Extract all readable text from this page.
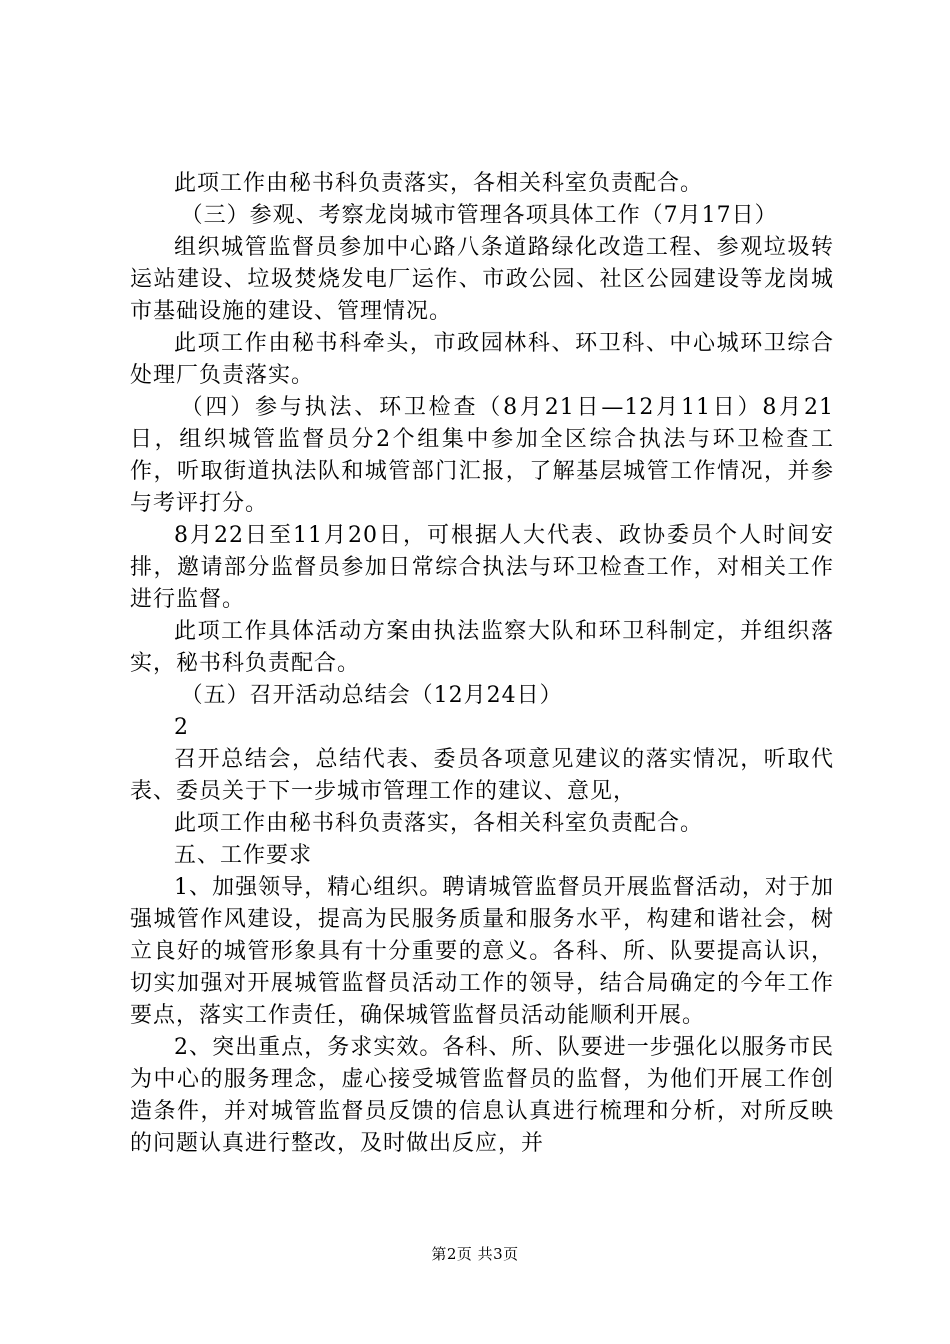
此项工作由秘书科负责落实，各相关科室负责配合。

（三）参观、考察龙岗城市管理各项具体工作（7月17日）

组织城管监督员参加中心路八条道路绿化改造工程、参观垃圾转运站建设、垃圾焚烧发电厂运作、市政公园、社区公园建设等龙岗城市基础设施的建设、管理情况。

此项工作由秘书科牵头，市政园林科、环卫科、中心城环卫综合处理厂负责落实。

（四）参与执法、环卫检查（8月21日—12月11日）8月21日，组织城管监督员分2个组集中参加全区综合执法与环卫检查工作，听取街道执法队和城管部门汇报，了解基层城管工作情况，并参与考评打分。

8月22日至11月20日，可根据人大代表、政协委员个人时间安排，邀请部分监督员参加日常综合执法与环卫检查工作，对相关工作进行监督。

此项工作具体活动方案由执法监察大队和环卫科制定，并组织落实，秘书科负责配合。

（五）召开活动总结会（12月24日）

2

召开总结会，总结代表、委员各项意见建议的落实情况，听取代表、委员关于下一步城市管理工作的建议、意见，

此项工作由秘书科负责落实，各相关科室负责配合。

五、工作要求

1、加强领导，精心组织。聘请城管监督员开展监督活动，对于加强城管作风建设，提高为民服务质量和服务水平，构建和谐社会，树立良好的城管形象具有十分重要的意义。各科、所、队要提高认识，切实加强对开展城管监督员活动工作的领导，结合局确定的今年工作要点，落实工作责任，确保城管监督员活动能顺利开展。

2、突出重点，务求实效。各科、所、队要进一步强化以服务市民为中心的服务理念，虚心接受城管监督员的监督，为他们开展工作创造条件，并对城管监督员反馈的信息认真进行梳理和分析，对所反映的问题认真进行整改，及时做出反应，并

第2页 共3页
